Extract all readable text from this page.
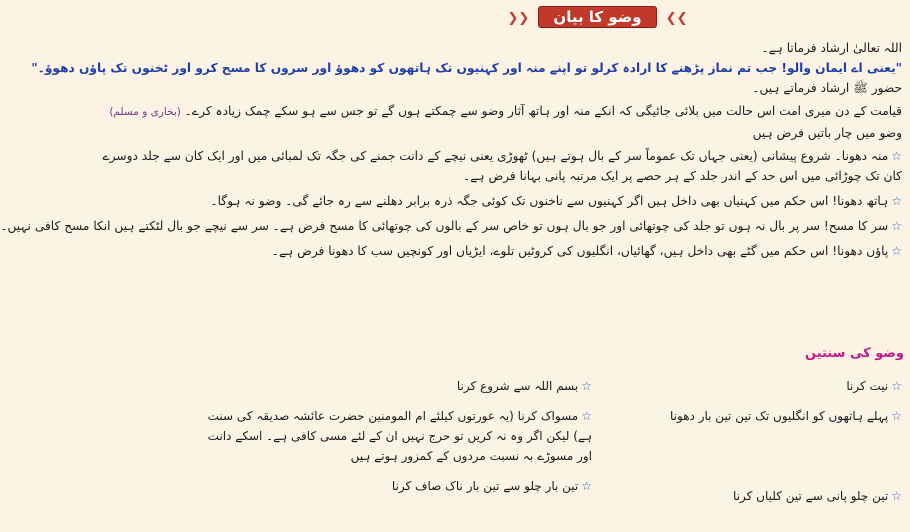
❯❯ وضو کا بیان ❮❮
اللہ تعالیٰ ارشاد فرماتا ہے۔
"یعنی اے ایمان والو! جب تم نماز پڑھنے کا ارادہ کرلو تو اپنے منہ اور کہنیوں تک ہاتھوں کو دھوؤ اور سروں کا مسح کرو اور ٹخنوں تک پاؤں دھوؤ۔"
حضور ﷺ ارشاد فرماتے ہیں۔
قیامت کے دن میری امت اس حالت میں بلائی جائیگی کہ انکے منہ اور ہاتھ آثار وضو سے چمکتے ہوں گے تو جس سے ہو سکے چمک زیادہ کرے۔ (بخاری و مسلم)
وضو میں چار باتیں فرض ہیں
☆منہ دھونا۔ شروع پیشانی (یعنی جہاں تک عموماً سر کے بال ہوتے ہیں) ٹھوڑی یعنی نیچے کے دانت جمنے کی جگہ تک لمبائی میں اور ایک کان سے جلد دوسرے
کان تک چوڑائی میں اس حد کے اندر جلد کے ہر حصے پر ایک مرتبہ پانی بہانا فرض ہے۔
☆ہاتھ دھونا! اس حکم میں کہنیاں بھی داخل ہیں اگر کہنیوں سے ناخنوں تک کوئی جگہ ذرہ برابر دھلنے سے رہ جائے گی۔ وضو نہ ہوگا۔
☆سر کا مسح! سر پر بال نہ ہوں تو جلد کی چوتھائی اور جو بال ہوں تو خاص سر کے بالوں کی چوتھائی کا مسح فرض ہے۔ سر سے نیچے جو بال لٹکتے ہیں انکا مسح کافی نہیں۔
☆پاؤں دھونا! اس حکم میں گٹے بھی داخل ہیں، گھائیاں، انگلیوں کی کروٹیں تلوے، ایڑیاں اور کونچیں سب کا دھونا فرض ہے۔
وضو کی سنتیں
☆نیت کرنا
☆بسم اللہ سے شروع کرنا
☆پہلے ہاتھوں کو انگلیوں تک تین تین بار دھونا
☆مسواک کرنا (یہ عورتوں کیلئے ام المومنین حضرت عائشہ صدیقہ کی سنت
ہے) لیکن اگر وہ نہ کریں تو حرج نہیں ان کے لئے مسی کافی ہے۔ اسکے دانت
اور مسوڑے بہ نسبت مردوں کے کمزور ہوتے ہیں
☆تین چلو پانی سے تین کلیاں کرنا
☆تین بار چلو سے تین بار ناک صاف کرنا
